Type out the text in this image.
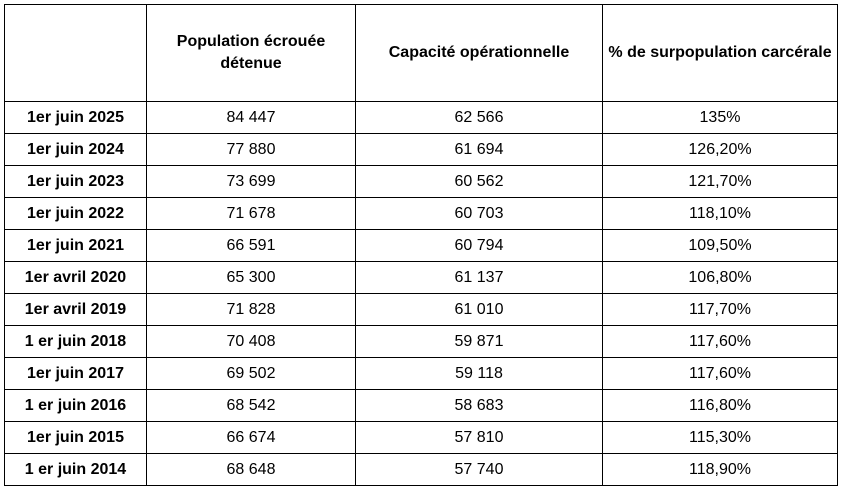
	Population écrouée détenue	Capacité opérationnelle	% de surpopulation carcérale
1er juin 2025	84 447	62 566	135%
1er juin 2024	77 880	61 694	126,20%
1er juin 2023	73 699	60 562	121,70%
1er juin 2022	71 678	60 703	118,10%
1er juin 2021	66 591	60 794	109,50%
1er avril 2020	65 300	61 137	106,80%
1er avril 2019	71 828	61 010	117,70%
1 er juin 2018	70 408	59 871	117,60%
1er juin 2017	69 502	59 118	117,60%
1 er juin 2016	68 542	58 683	116,80%
1er juin 2015	66 674	57 810	115,30%
1 er juin 2014	68 648	57 740	118,90%
